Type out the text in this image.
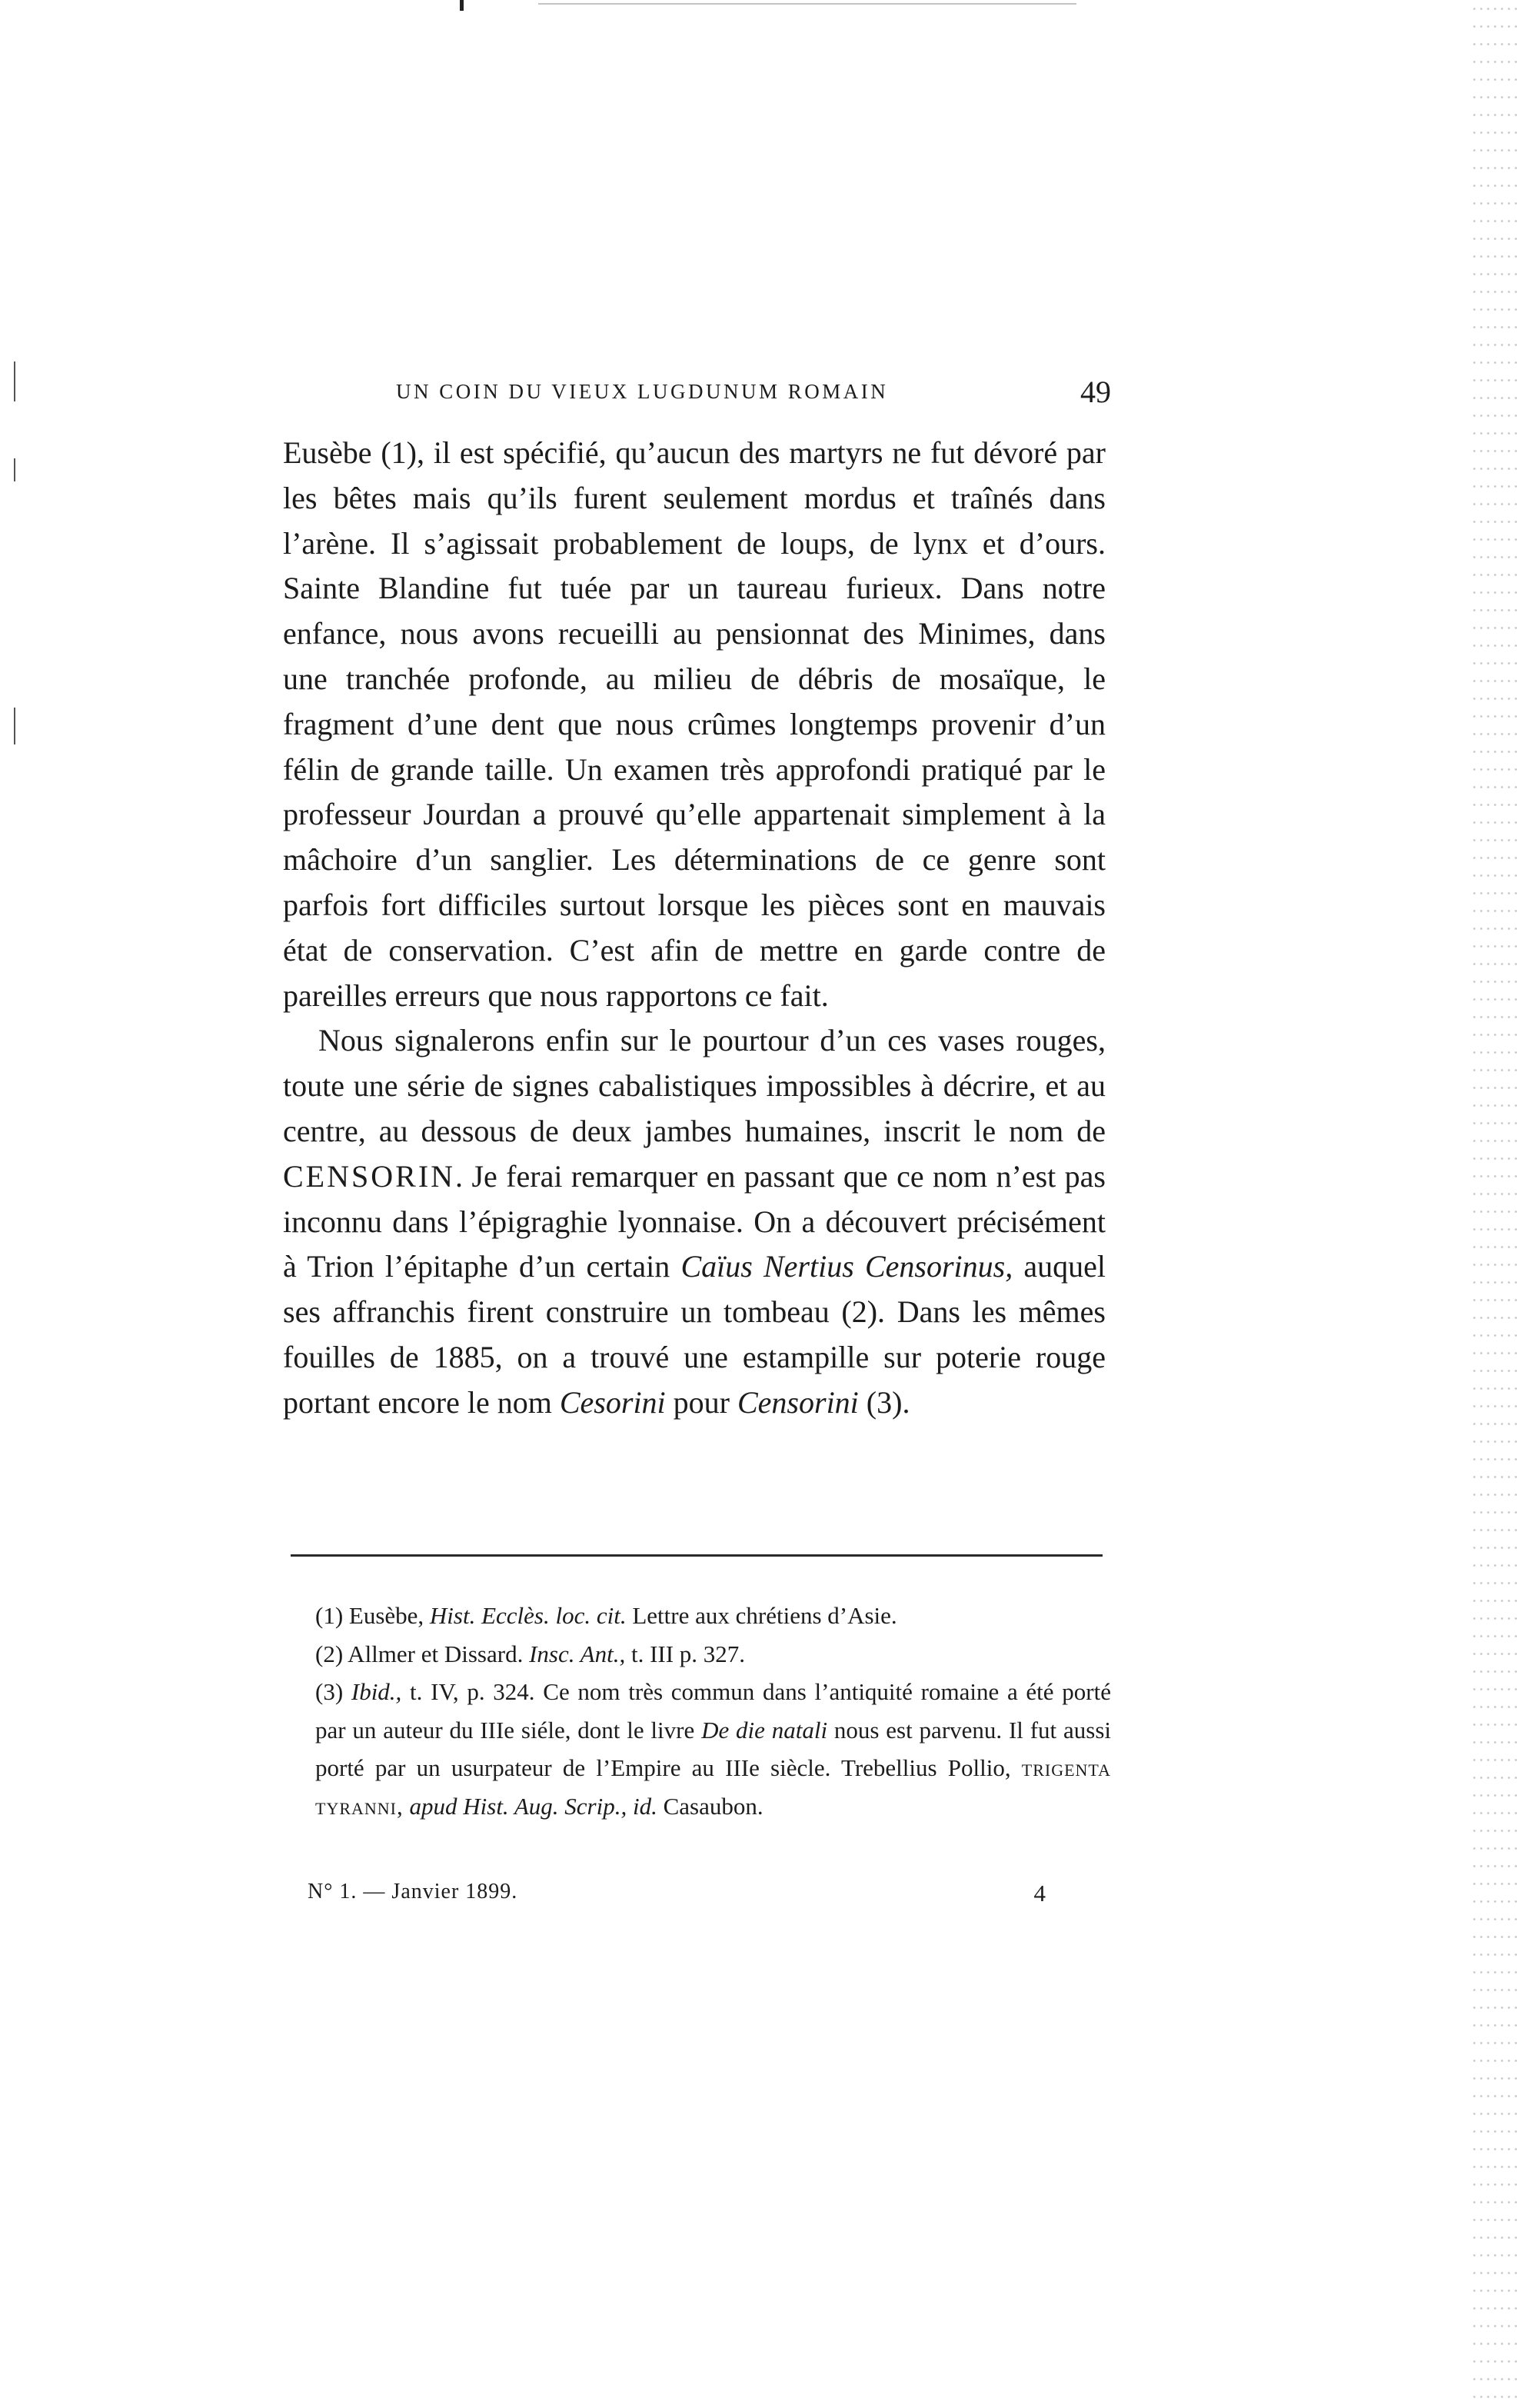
UN COIN DU VIEUX LUGDUNUM ROMAIN	49

Eusèbe (1), il est spécifié, qu’aucun des martyrs ne fut dévoré par les bêtes mais qu’ils furent seulement mordus et traînés dans l’arène. Il s’agissait probablement de loups, de lynx et d’ours. Sainte Blandine fut tuée par un taureau furieux. Dans notre enfance, nous avons recueilli au pensionnat des Minimes, dans une tranchée profonde, au milieu de débris de mosaïque, le fragment d’une dent que nous crûmes longtemps provenir d’un félin de grande taille. Un examen très approfondi pratiqué par le professeur Jourdan a prouvé qu’elle appartenait simplement à la mâchoire d’un sanglier. Les déterminations de ce genre sont parfois fort difficiles surtout lorsque les pièces sont en mauvais état de conservation. C’est afin de mettre en garde contre de pareilles erreurs que nous rapportons ce fait.

Nous signalerons enfin sur le pourtour d’un ces vases rouges, toute une série de signes cabalistiques impossibles à décrire, et au centre, au dessous de deux jambes humaines, inscrit le nom de CENSORIN. Je ferai remarquer en passant que ce nom n’est pas inconnu dans l’épigraghie lyonnaise. On a découvert précisément à Trion l’épitaphe d’un certain Caïus Nertius Censorinus, auquel ses affranchis firent construire un tombeau (2). Dans les mêmes fouilles de 1885, on a trouvé une estampille sur poterie rouge portant encore le nom Cesorini pour Censorini (3).

(1) Eusèbe, Hist. Ecclès. loc. cit. Lettre aux chrétiens d’Asie.

(2) Allmer et Dissard. Insc. Ant., t. III p. 327.

(3) Ibid., t. IV, p. 324. Ce nom très commun dans l’antiquité romaine a été porté par un auteur du IIIe siéle, dont le livre De die natali nous est parvenu. Il fut aussi porté par un usurpateur de l’Empire au IIIe siècle. Trebellius Pollio, trigenta tyranni, apud Hist. Aug. Scrip., id. Casaubon.

N° 1. — Janvier 1899.	4
